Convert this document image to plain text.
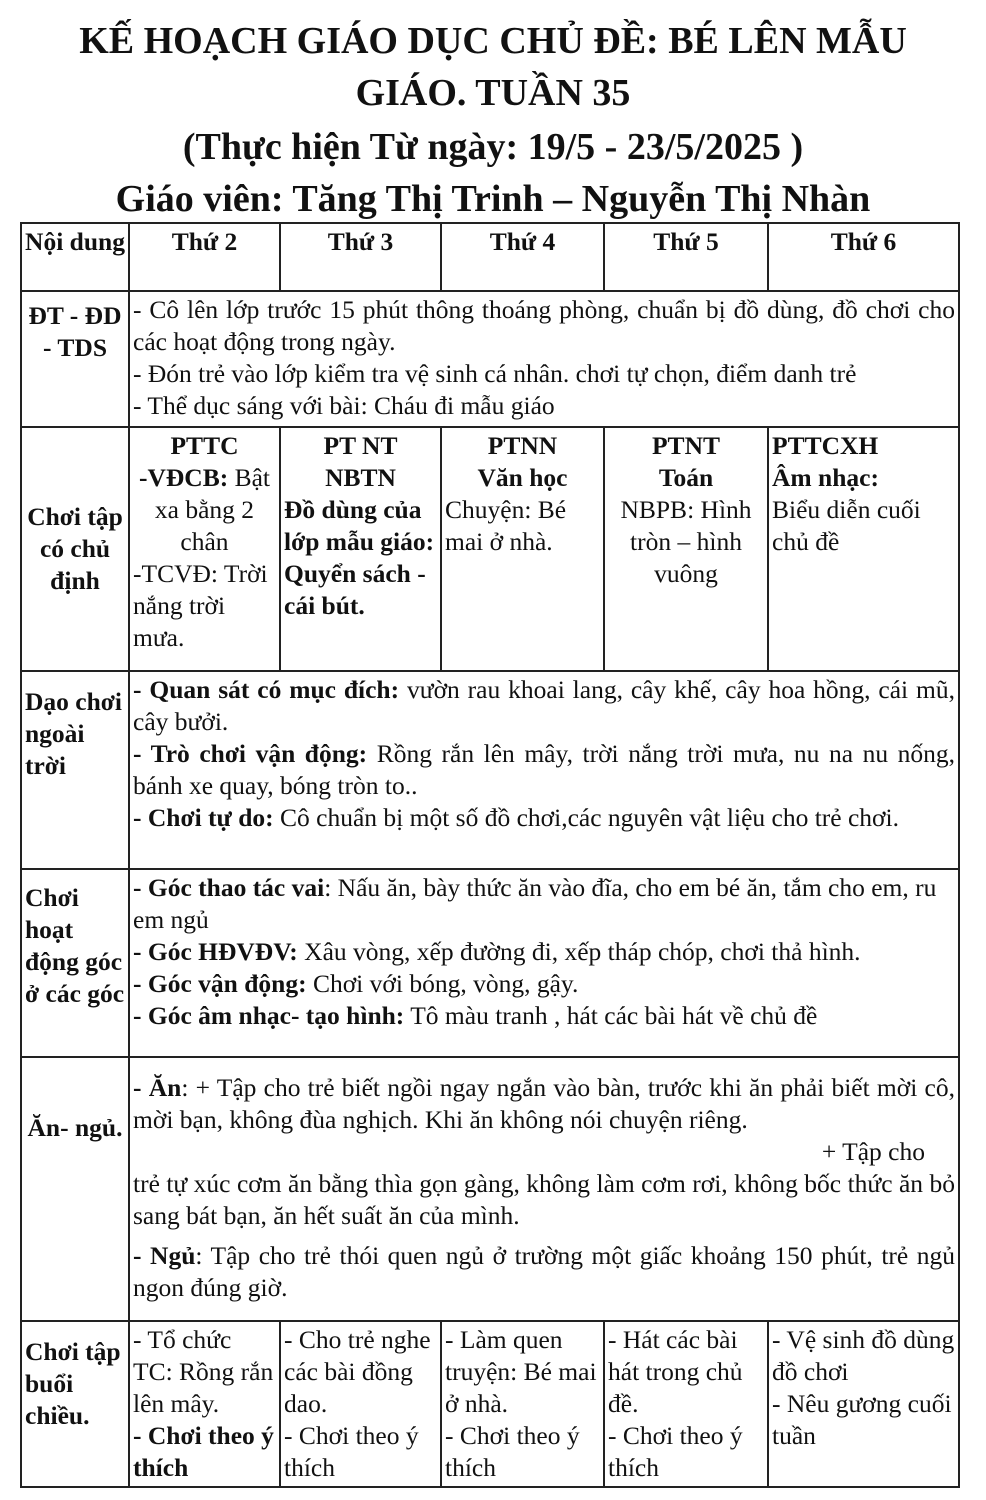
KẾ HOẠCH GIÁO DỤC CHỦ ĐỀ: BÉ LÊN MẪU
GIÁO. TUẦN 35
(Thực hiện Từ ngày: 19/5 - 23/5/2025 )
Giáo viên: Tăng Thị Trinh – Nguyễn Thị Nhàn
Nội dung	Thứ 2	Thứ 3	Thứ 4	Thứ 5	Thứ 6
ĐT - ĐD - TDS	- Cô lên lớp trước 15 phút thông thoáng phòng, chuẩn bị đồ dùng, đồ chơi cho các hoạt động trong ngày.
- Đón trẻ vào lớp kiểm tra vệ sinh cá nhân. chơi tự chọn, điểm danh trẻ
- Thể dục sáng với bài: Cháu đi mẫu giáo				

Chơi tập có chủ định	PTTC
-VĐCB: Bật xa bằng 2 chân
-TCVĐ: Trời nắng trời mưa.	PT NT
NBTN
Đồ dùng của lớp mẫu giáo: Quyển sách - cái bút.	PTNN
Văn học
Chuyện: Bé mai ở nhà.	PTNT
Toán
NBPB: Hình tròn – hình vuông	PTTCXH
Âm nhạc:
Biểu diễn cuối chủ đề

Dạo chơi ngoài trời	- Quan sát có mục đích: vườn rau khoai lang, cây khế, cây hoa hồng, cái mũ, cây bưởi.
- Trò chơi vận động: Rồng rắn lên mây, trời nắng trời mưa, nu na nu nống, bánh xe quay, bóng tròn to..
- Chơi tự do: Cô chuẩn bị một số đồ chơi,các nguyên vật liệu cho trẻ chơi.				

Chơi hoạt động góc ở các góc	- Góc thao tác vai: Nấu ăn, bày thức ăn vào đĩa, cho em bé ăn, tắm cho em, ru em ngủ
- Góc HĐVĐV: Xâu vòng, xếp đường đi, xếp tháp chóp, chơi thả hình.
- Góc vận động: Chơi với bóng, vòng, gậy.
- Góc âm nhạc- tạo hình: Tô màu tranh , hát các bài hát về chủ đề				

Ăn- ngủ.	- Ăn: + Tập cho trẻ biết ngồi ngay ngắn vào bàn, trước khi ăn phải biết mời cô, mời bạn, không đùa nghịch. Khi ăn không nói chuyện riêng.
+ Tập cho
trẻ tự xúc cơm ăn bằng thìa gọn gàng, không làm cơm rơi, không bốc thức ăn bỏ sang bát bạn, ăn hết suất ăn của mình.
- Ngủ: Tập cho trẻ thói quen ngủ ở trường một giấc khoảng 150 phút, trẻ ngủ ngon đúng giờ.				

Chơi tập buổi chiều.	- Tổ chức TC: Rồng rắn lên mây.
- Chơi theo ý thích	- Cho trẻ nghe các bài đồng dao.
- Chơi theo ý thích	- Làm quen truyện: Bé mai ở nhà.
- Chơi theo ý thích	- Hát các bài hát trong chủ đề.
- Chơi theo ý thích	- Vệ sinh đồ dùng đồ chơi
- Nêu gương cuối tuần
